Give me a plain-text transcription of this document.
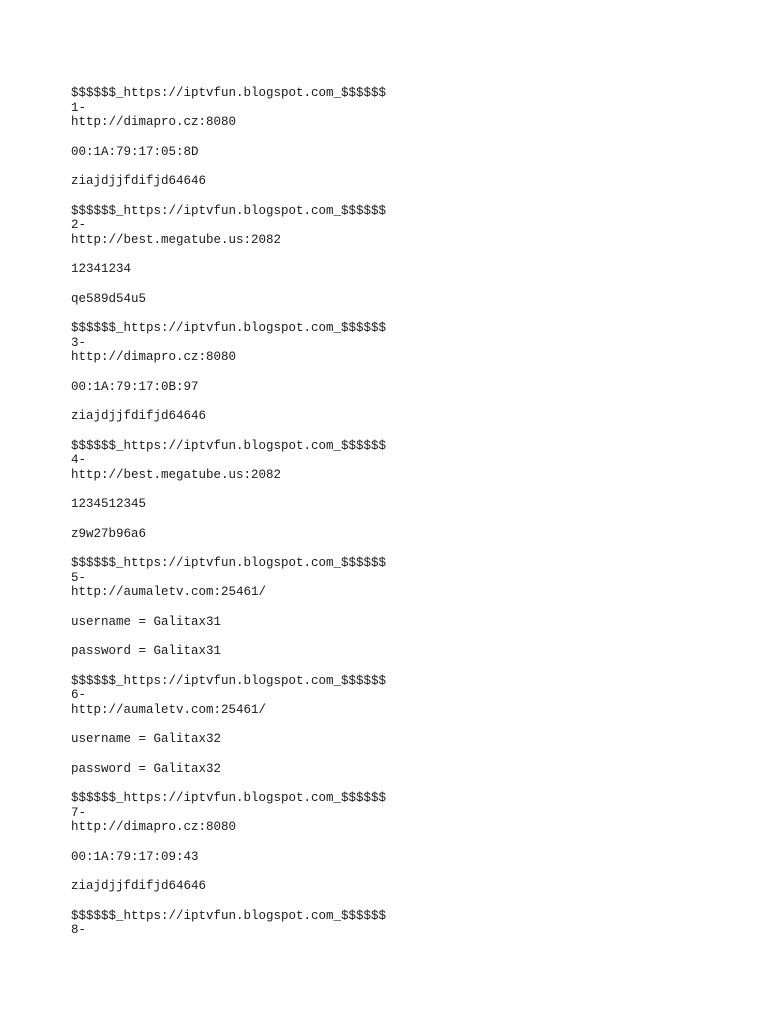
$$$$$$_https://iptvfun.blogspot.com_$$$$$$
1-
http://dimapro.cz:8080
00:1A:79:17:05:8D
ziajdjjfdifjd64646
$$$$$$_https://iptvfun.blogspot.com_$$$$$$
2-
http://best.megatube.us:2082
12341234
qe589d54u5
$$$$$$_https://iptvfun.blogspot.com_$$$$$$
3-
http://dimapro.cz:8080
00:1A:79:17:0B:97
ziajdjjfdifjd64646
$$$$$$_https://iptvfun.blogspot.com_$$$$$$
4-
http://best.megatube.us:2082
1234512345
z9w27b96a6
$$$$$$_https://iptvfun.blogspot.com_$$$$$$
5-
http://aumaletv.com:25461/
username = Galitax31
password = Galitax31
$$$$$$_https://iptvfun.blogspot.com_$$$$$$
6-
http://aumaletv.com:25461/
username = Galitax32
password = Galitax32
$$$$$$_https://iptvfun.blogspot.com_$$$$$$
7-
http://dimapro.cz:8080
00:1A:79:17:09:43
ziajdjjfdifjd64646
$$$$$$_https://iptvfun.blogspot.com_$$$$$$
8-
